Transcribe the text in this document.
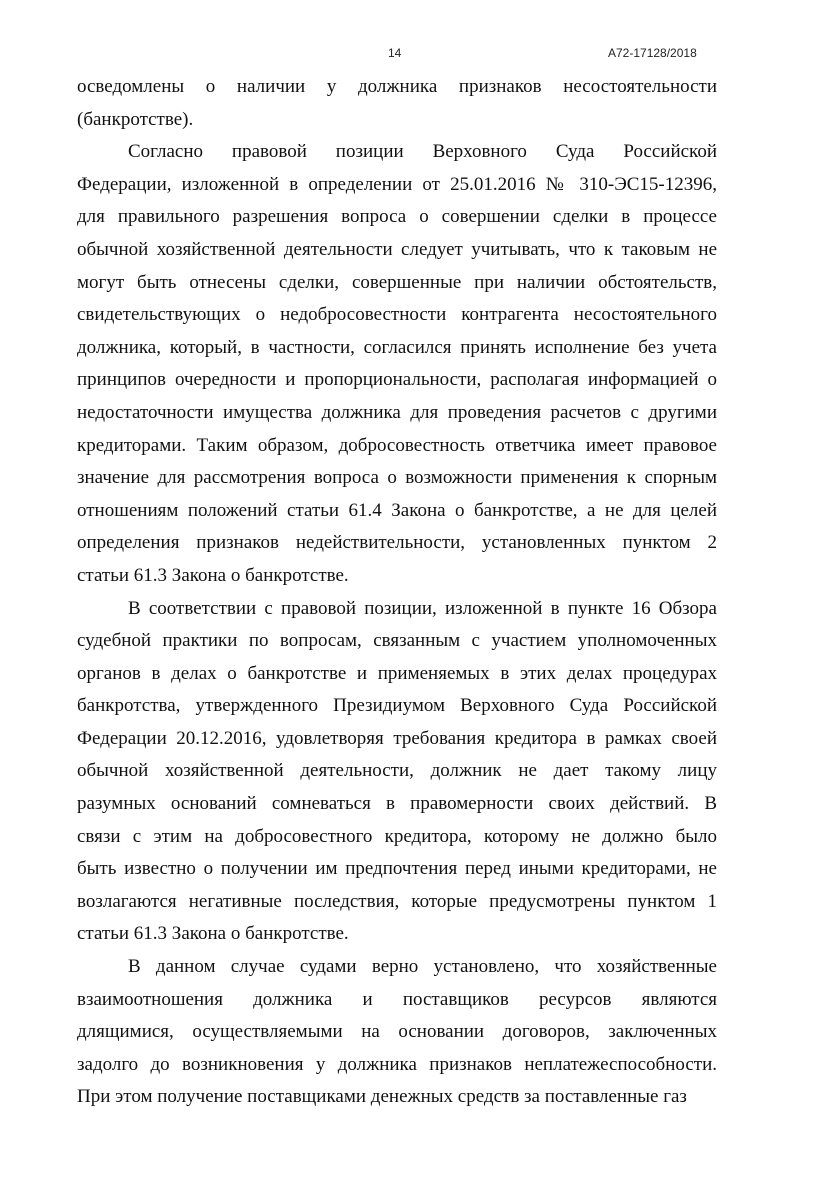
14	А72-17128/2018

осведомлены о наличии у должника признаков несостоятельности

(банкротстве).

Согласно правовой позиции Верховного Суда Российской

Федерации, изложенной в определении от 25.01.2016 № 310-ЭС15-12396,

для правильного разрешения вопроса о совершении сделки в процессе

обычной хозяйственной деятельности следует учитывать, что к таковым не

могут быть отнесены сделки, совершенные при наличии обстоятельств,

свидетельствующих о недобросовестности контрагента несостоятельного

должника, который, в частности, согласился принять исполнение без учета

принципов очередности и пропорциональности, располагая информацией о

недостаточности имущества должника для проведения расчетов с другими

кредиторами. Таким образом, добросовестность ответчика имеет правовое

значение для рассмотрения вопроса о возможности применения к спорным

отношениям положений статьи 61.4 Закона о банкротстве, а не для целей

определения признаков недействительности, установленных пунктом 2

статьи 61.3 Закона о банкротстве.

В соответствии с правовой позиции, изложенной в пункте 16 Обзора

судебной практики по вопросам, связанным с участием уполномоченных

органов в делах о банкротстве и применяемых в этих делах процедурах

банкротства, утвержденного Президиумом Верховного Суда Российской

Федерации 20.12.2016, удовлетворяя требования кредитора в рамках своей

обычной хозяйственной деятельности, должник не дает такому лицу

разумных оснований сомневаться в правомерности своих действий. В

связи с этим на добросовестного кредитора, которому не должно было

быть известно о получении им предпочтения перед иными кредиторами, не

возлагаются негативные последствия, которые предусмотрены пунктом 1

статьи 61.3 Закона о банкротстве.

В данном случае судами верно установлено, что хозяйственные

взаимоотношения должника и поставщиков ресурсов являются

длящимися, осуществляемыми на основании договоров, заключенных

задолго до возникновения у должника признаков неплатежеспособности.

При этом получение поставщиками денежных средств за поставленные газ
